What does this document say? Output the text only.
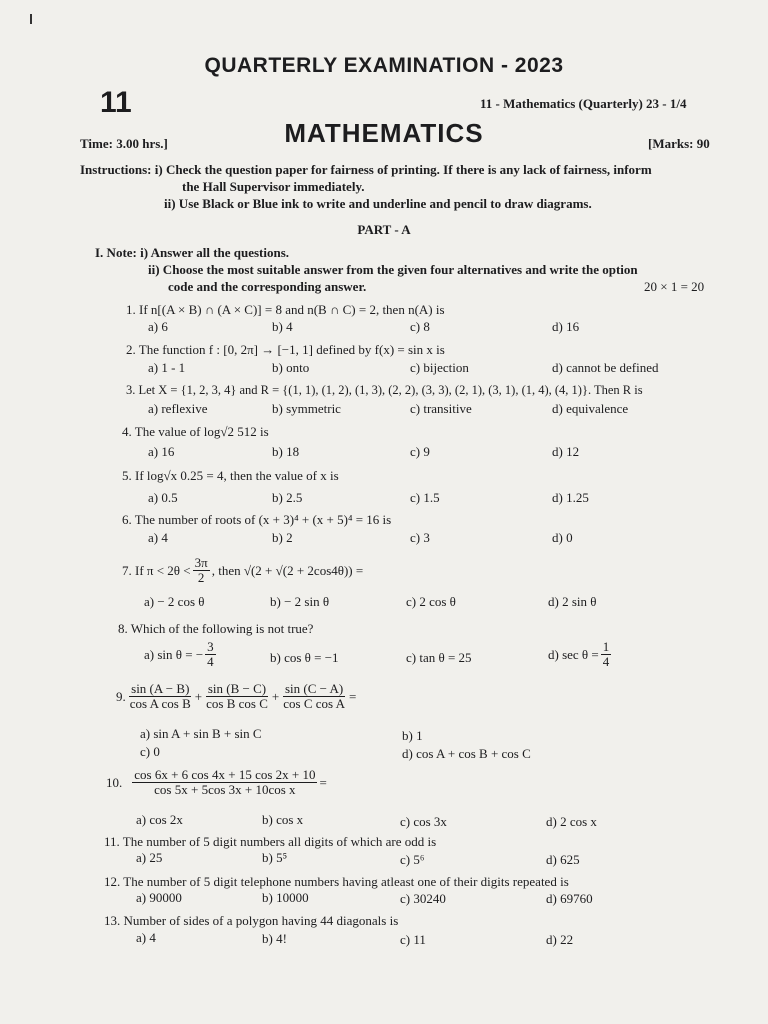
QUARTERLY EXAMINATION - 2023
11	11 - Mathematics (Quarterly) 23 - 1/4
Time: 3.00 hrs.]	MATHEMATICS	[Marks: 90
Instructions: i) Check the question paper for fairness of printing. If there is any lack of fairness, inform
the Hall Supervisor immediately.
ii) Use Black or Blue ink to write and underline and pencil to draw diagrams.
PART - A
I. Note: i) Answer all the questions.
ii) Choose the most suitable answer from the given four alternatives and write the option
code and the corresponding answer.	20 × 1 = 20
1. If n[(A × B) ∩ (A × C)] = 8 and n(B ∩ C) = 2, then n(A) is
a) 6	b) 4	c) 8	d) 16
2. The function f : [0, 2π] → [−1, 1] defined by f(x) = sin x is
a) 1 - 1	b) onto	c) bijection	d) cannot be defined
3. Let X = {1, 2, 3, 4} and R = {(1, 1), (1, 2), (1, 3), (2, 2), (3, 3), (2, 1), (3, 1), (1, 4), (4, 1)}. Then R is
a) reflexive	b) symmetric	c) transitive	d) equivalence
4. The value of log√2 512 is
a) 16	b) 18	c) 9	d) 12
5. If log√x 0.25 = 4, then the value of x is
a) 0.5	b) 2.5	c) 1.5	d) 1.25
6. The number of roots of (x + 3)⁴ + (x + 5)⁴ = 16 is
a) 4	b) 2	c) 3	d) 0
7. If $\pi < 2\theta < \frac{3\pi}{2}$ , then √(2 + √(2 + 2cos4θ)) =
a) − 2 cos θ	b) − 2 sin θ	c) 2 cos θ	d) 2 sin θ
8. Which of the following is not true?
a) sin θ = − $\frac{3}{4}$	b) cos θ = −1	c) tan θ = 25	d) $\sec \theta = \frac{1}{4}$
9. $\frac{\sin (A - B)}{\text{cos A cos B}} + \frac{\sin (B - C)}{\text{cos B cos C}} + \frac{\sin (C - A)}{\text{cos C cos A}}$ =
a) sin A + sin B + sin C	b) 1
c) 0	d) cos A + cos B + cos C
10. $\frac{\cos 6x + 6 \cos 4x + 15 \cos 2x + 10}{\text{cos 5x + 5cos 3x + 10cos x}}$ =
a) cos 2x	b) cos x	c) cos 3x	d) 2 cos x
11. The number of 5 digit numbers all digits of which are odd is
a) 25	b) 5⁵	c) 5⁶	d) 625
12. The number of 5 digit telephone numbers having atleast one of their digits repeated is
a) 90000	b) 10000	c) 30240	d) 69760
13. Number of sides of a polygon having 44 diagonals is
a) 4	b) 4!	c) 11	d) 22
